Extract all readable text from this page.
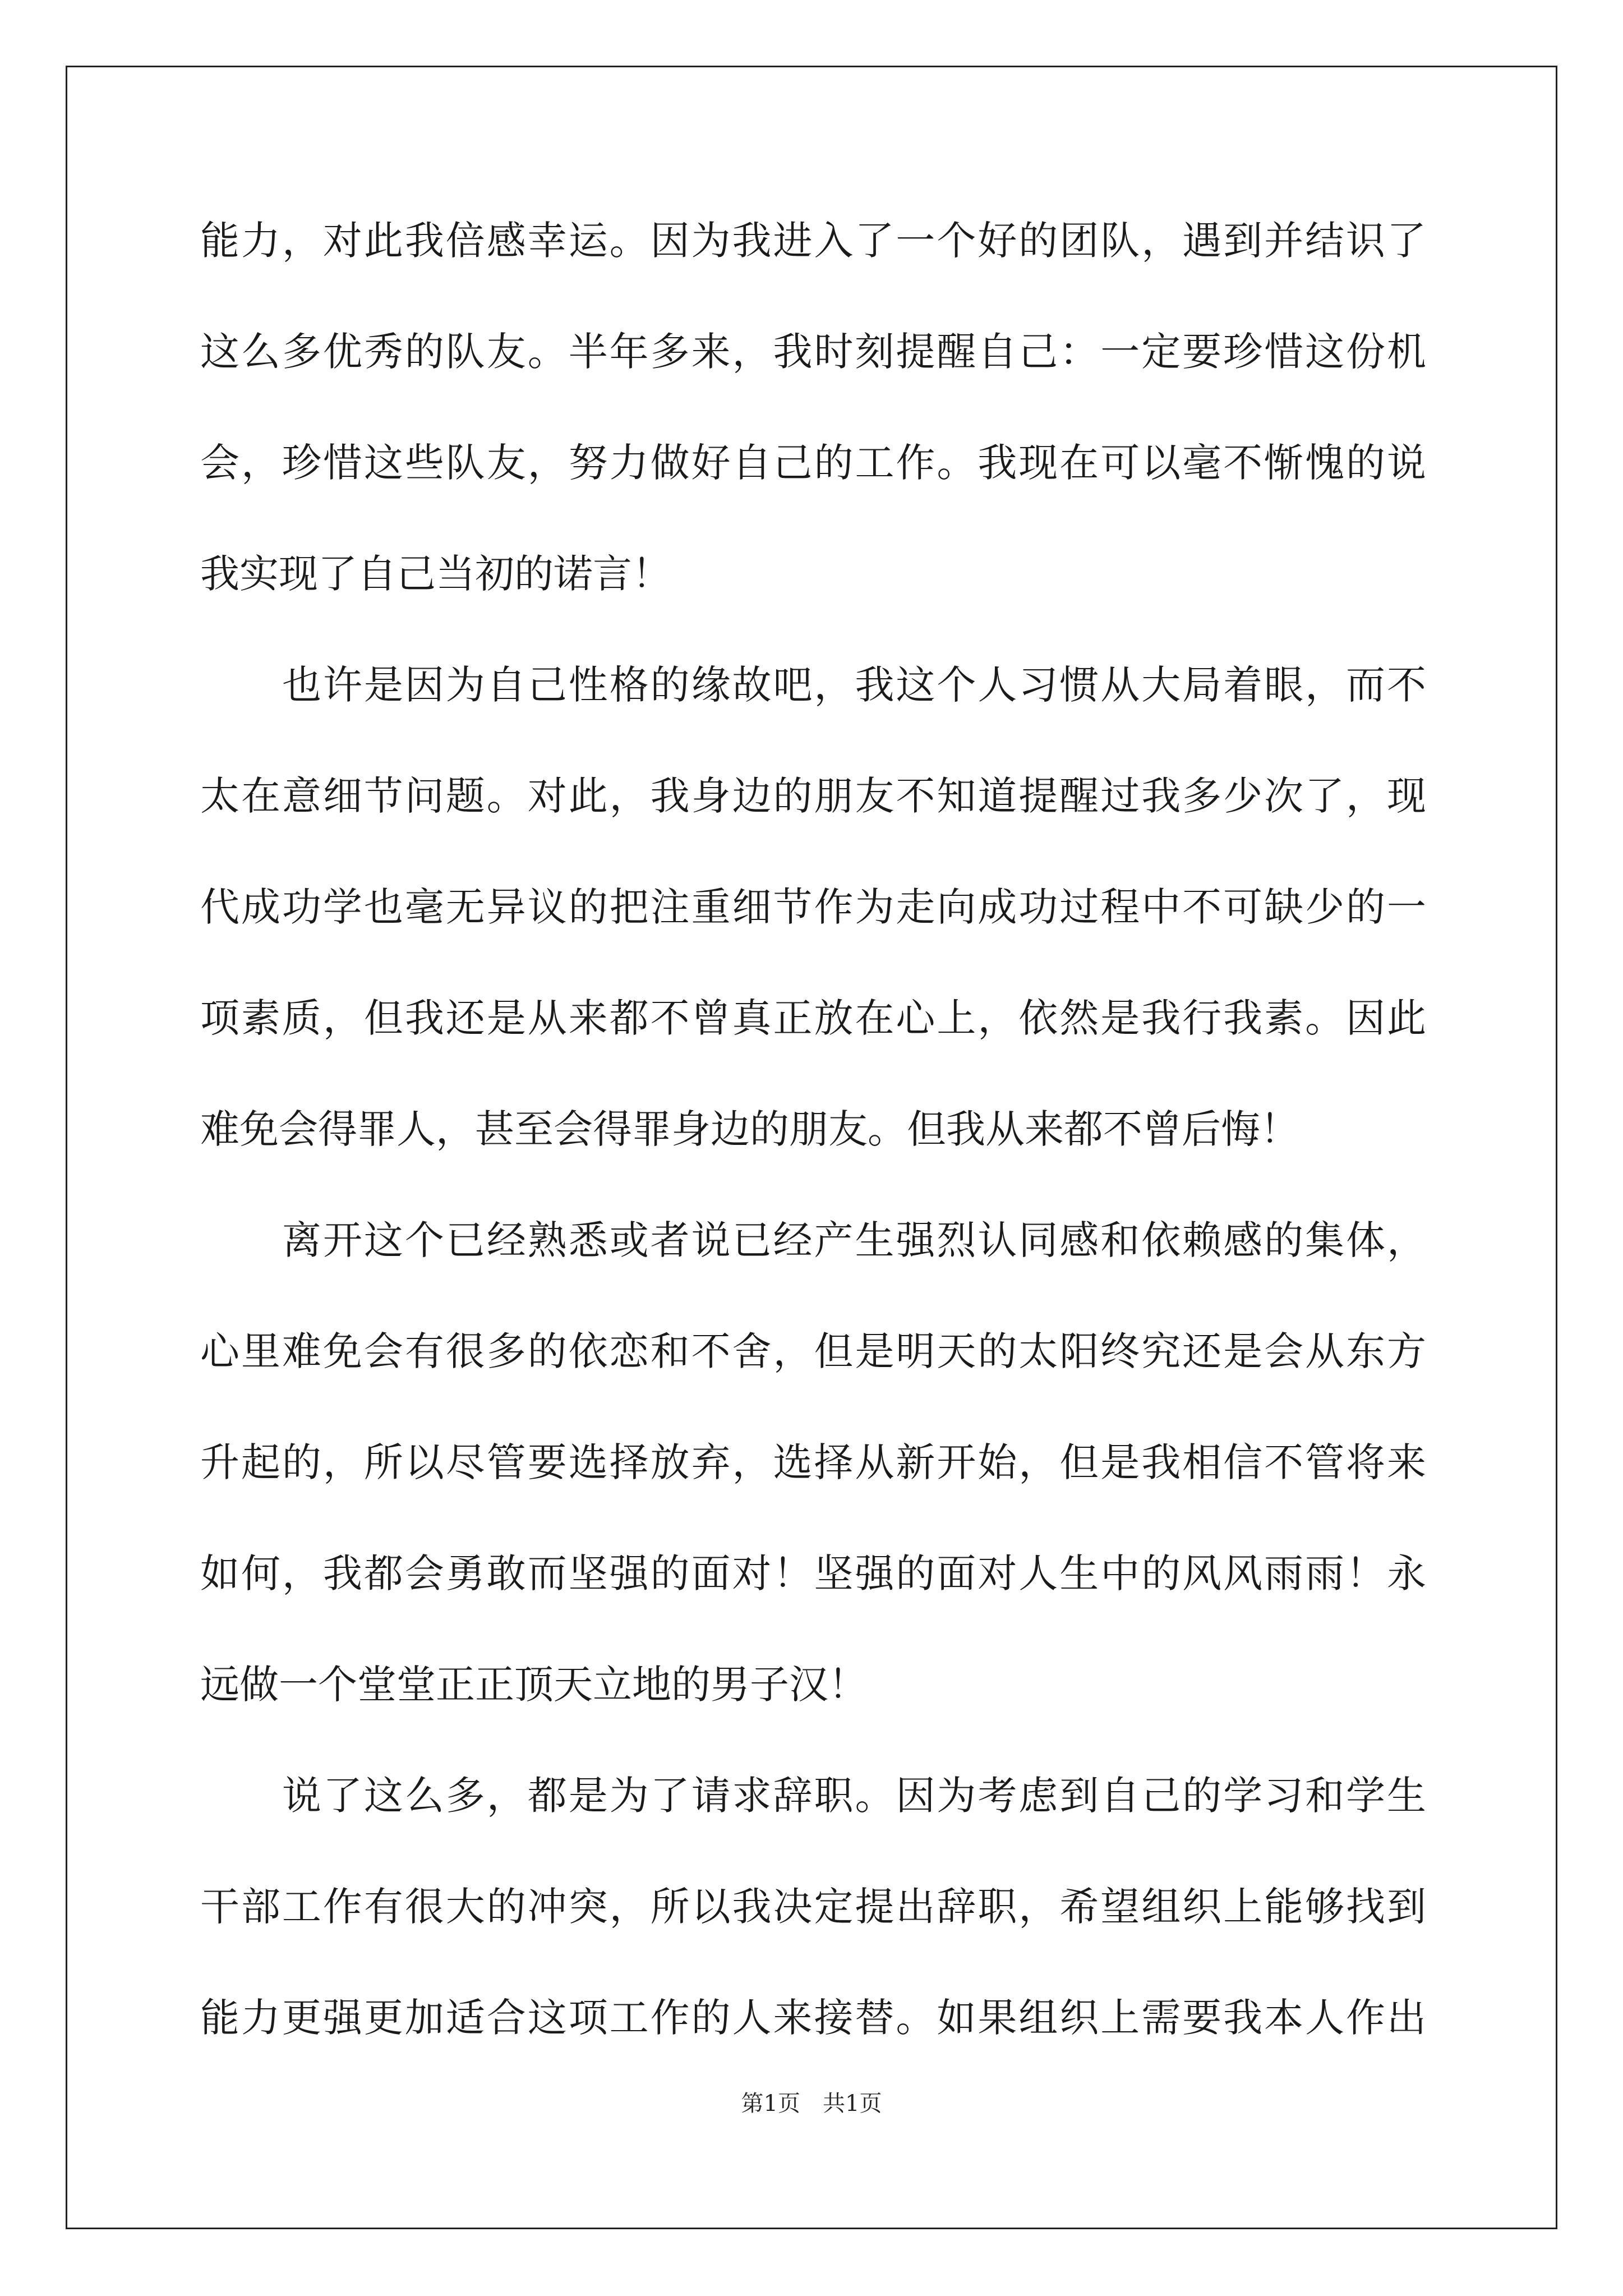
能力，对此我倍感幸运。因为我进入了一个好的团队，遇到并结识了
这么多优秀的队友。半年多来，我时刻提醒自己：一定要珍惜这份机
会，珍惜这些队友，努力做好自己的工作。我现在可以毫不惭愧的说
我实现了自己当初的诺言！
也许是因为自己性格的缘故吧，我这个人习惯从大局着眼，而不
太在意细节问题。对此，我身边的朋友不知道提醒过我多少次了，现
代成功学也毫无异议的把注重细节作为走向成功过程中不可缺少的一
项素质，但我还是从来都不曾真正放在心上，依然是我行我素。因此
难免会得罪人，甚至会得罪身边的朋友。但我从来都不曾后悔！
离开这个已经熟悉或者说已经产生强烈认同感和依赖感的集体，
心里难免会有很多的依恋和不舍，但是明天的太阳终究还是会从东方
升起的，所以尽管要选择放弃，选择从新开始，但是我相信不管将来
如何，我都会勇敢而坚强的面对！坚强的面对人生中的风风雨雨！永
远做一个堂堂正正顶天立地的男子汉！
说了这么多，都是为了请求辞职。因为考虑到自己的学习和学生
干部工作有很大的冲突，所以我决定提出辞职，希望组织上能够找到
能力更强更加适合这项工作的人来接替。如果组织上需要我本人作出
第1页　共1页
